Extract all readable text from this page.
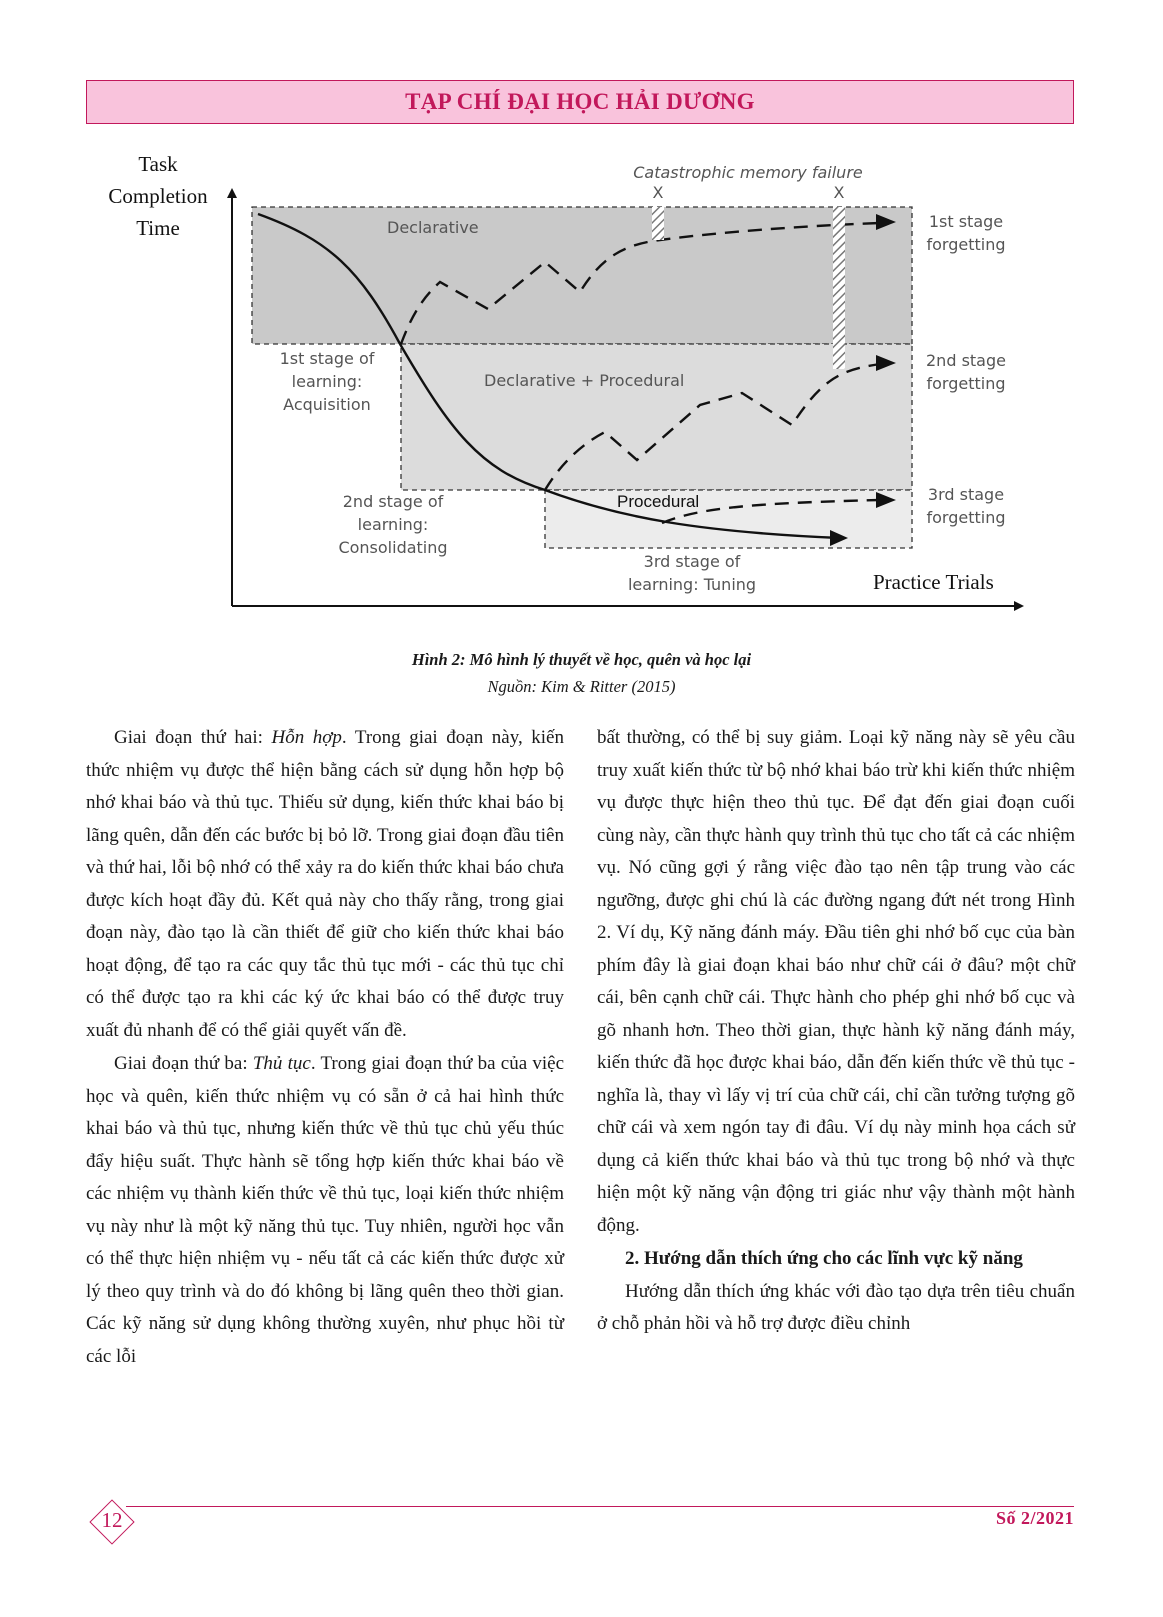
TẠP CHÍ ĐẠI HỌC HẢI DƯƠNG
Task
Completion
Time
Practice Trials
Catastrophic memory failure
X	X
Declarative
Declarative + Procedural
Procedural
1st stage of
learning:
Acquisition
2nd stage of
learning:
Consolidating
3rd stage of
learning: Tuning
1st stage
forgetting
2nd stage
forgetting
3rd stage
forgetting
Hình 2: Mô hình lý thuyết về học, quên và học lại
Nguồn: Kim & Ritter (2015)

Giai đoạn thứ hai: Hỗn hợp. Trong giai đoạn này, kiến thức nhiệm vụ được thể hiện bằng cách sử dụng hỗn hợp bộ nhớ khai báo và thủ tục. Thiếu sử dụng, kiến thức khai báo bị lãng quên, dẫn đến các bước bị bỏ lỡ. Trong giai đoạn đầu tiên và thứ hai, lỗi bộ nhớ có thể xảy ra do kiến thức khai báo chưa được kích hoạt đầy đủ. Kết quả này cho thấy rằng, trong giai đoạn này, đào tạo là cần thiết để giữ cho kiến thức khai báo hoạt động, để tạo ra các quy tắc thủ tục mới - các thủ tục chỉ có thể được tạo ra khi các ký ức khai báo có thể được truy xuất đủ nhanh để có thể giải quyết vấn đề.

Giai đoạn thứ ba: Thủ tục. Trong giai đoạn thứ ba của việc học và quên, kiến thức nhiệm vụ có sẵn ở cả hai hình thức khai báo và thủ tục, nhưng kiến thức về thủ tục chủ yếu thúc đẩy hiệu suất. Thực hành sẽ tổng hợp kiến thức khai báo về các nhiệm vụ thành kiến thức về thủ tục, loại kiến thức nhiệm vụ này như là một kỹ năng thủ tục. Tuy nhiên, người học vẫn có thể thực hiện nhiệm vụ - nếu tất cả các kiến thức được xử lý theo quy trình và do đó không bị lãng quên theo thời gian. Các kỹ năng sử dụng không thường xuyên, như phục hồi từ các lỗi

bất thường, có thể bị suy giảm. Loại kỹ năng này sẽ yêu cầu truy xuất kiến thức từ bộ nhớ khai báo trừ khi kiến thức nhiệm vụ được thực hiện theo thủ tục. Để đạt đến giai đoạn cuối cùng này, cần thực hành quy trình thủ tục cho tất cả các nhiệm vụ. Nó cũng gợi ý rằng việc đào tạo nên tập trung vào các ngưỡng, được ghi chú là các đường ngang đứt nét trong Hình 2. Ví dụ, Kỹ năng đánh máy. Đầu tiên ghi nhớ bố cục của bàn phím đây là giai đoạn khai báo như chữ cái ở đâu? một chữ cái, bên cạnh chữ cái. Thực hành cho phép ghi nhớ bố cục và gõ nhanh hơn. Theo thời gian, thực hành kỹ năng đánh máy, kiến thức đã học được khai báo, dẫn đến kiến thức về thủ tục - nghĩa là, thay vì lấy vị trí của chữ cái, chỉ cần tưởng tượng gõ chữ cái và xem ngón tay đi đâu. Ví dụ này minh họa cách sử dụng cả kiến thức khai báo và thủ tục trong bộ nhớ và thực hiện một kỹ năng vận động tri giác như vậy thành một hành động.

2. Hướng dẫn thích ứng cho các lĩnh vực kỹ năng

Hướng dẫn thích ứng khác với đào tạo dựa trên tiêu chuẩn ở chỗ phản hồi và hỗ trợ được điều chỉnh

12	Số 2/2021
